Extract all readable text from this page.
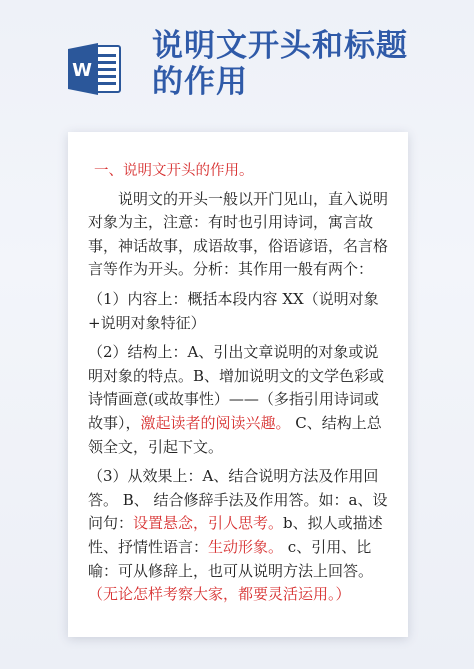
W
说明文开头和标题
的作用

一、说明文开头的作用。

说明文的开头一般以开门见山，直入说明对象为主，注意：有时也引用诗词，寓言故事，神话故事，成语故事，俗语谚语，名言格言等作为开头。分析：其作用一般有两个：

（1）内容上：概括本段内容 XX（说明对象+说明对象特征）

（2）结构上：A、引出文章说明的对象或说明对象的特点。B、增加说明文的文学色彩或诗情画意(或故事性）——（多指引用诗词或故事），激起读者的阅读兴趣。 C、结构上总领全文，引起下文。

（3）从效果上：A、结合说明方法及作用回答。 B、 结合修辞手法及作用答。如：a、设问句：设置悬念，引人思考。b、拟人或描述性、抒情性语言：生动形象。 c、引用、比喻：可从修辞上，也可从说明方法上回答。（无论怎样考察大家，都要灵活运用。）
